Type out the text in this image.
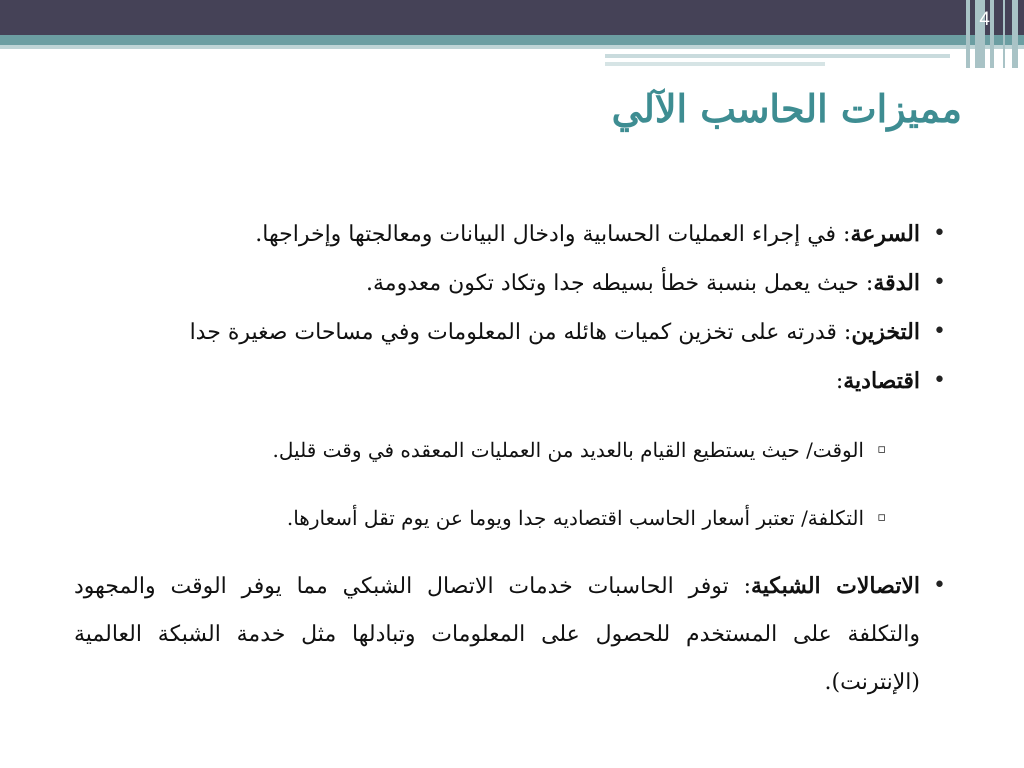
4
مميزات الحاسب الآلي

•
السرعة: في إجراء العمليات الحسابية وادخال البيانات ومعالجتها وإخراجها.

•
الدقة: حيث يعمل بنسبة خطأ بسيطه جدا وتكاد تكون معدومة.

•
التخزين: قدرته على تخزين كميات هائله من المعلومات وفي مساحات صغيرة جدا

•
اقتصادية:

▫
الوقت/ حيث يستطيع القيام بالعديد من العمليات المعقده في وقت قليل.

▫
التكلفة/ تعتبر أسعار الحاسب اقتصاديه جدا ويوما عن يوم تقل أسعارها.

•
الاتصالات الشبكية: توفر الحاسبات خدمات الاتصال الشبكي مما يوفر الوقت والمجهود والتكلفة على المستخدم للحصول على المعلومات وتبادلها مثل خدمة الشبكة العالمية (الإنترنت).
